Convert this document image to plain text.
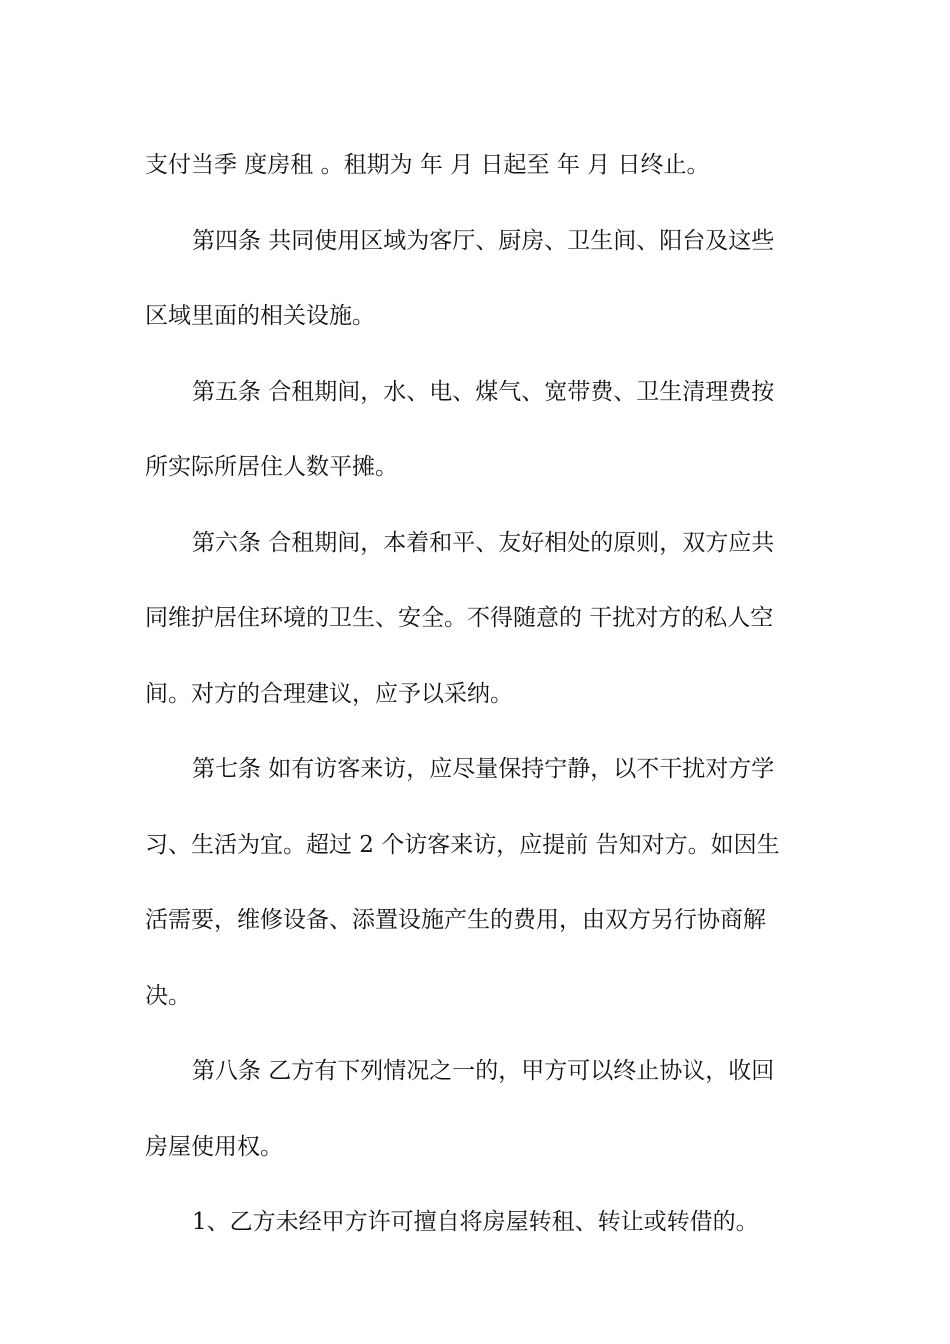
支付当季 度房租 。租期为 年 月 日起至 年 月 日终止。
第四条 共同使用区域为客厅、厨房、卫生间、阳台及这些
区域里面的相关设施。
第五条 合租期间，水、电、煤气、宽带费、卫生清理费按
所实际所居住人数平摊。
第六条 合租期间，本着和平、友好相处的原则，双方应共
同维护居住环境的卫生、安全。不得随意的 干扰对方的私人空
间。对方的合理建议，应予以采纳。
第七条 如有访客来访，应尽量保持宁静，以不干扰对方学
习、生活为宜。超过 2 个访客来访，应提前 告知对方。如因生
活需要，维修设备、添置设施产生的费用，由双方另行协商解
决。
第八条 乙方有下列情况之一的，甲方可以终止协议，收回
房屋使用权。
1、乙方未经甲方许可擅自将房屋转租、转让或转借的。
